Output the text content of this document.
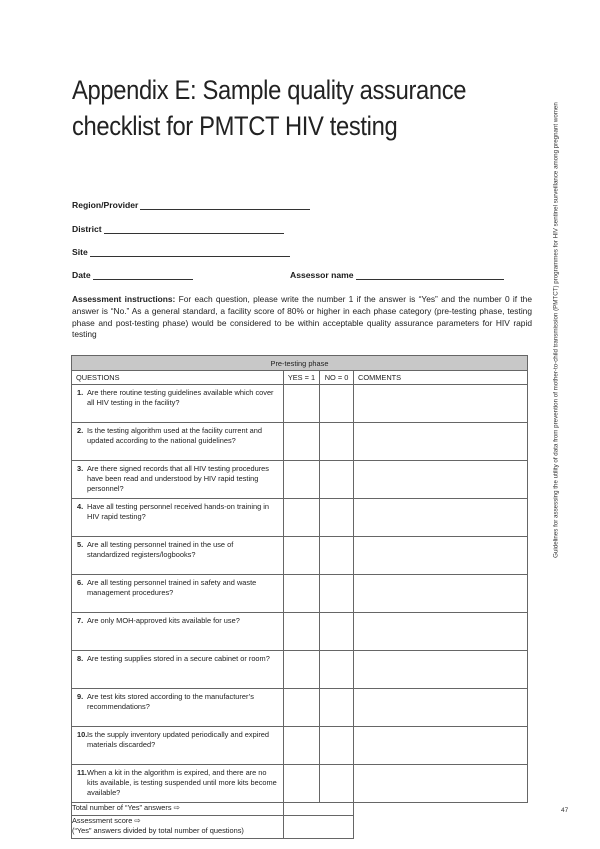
Appendix E: Sample quality assurance
checklist for PMTCT HIV testing	Guidelines for assessing the utility of data from prevention of mother-to-child transmission (PMTCT) programmes for HIV sentinel surveillance among pregnant women
Region/Provider
District
Site
Date	Assessor name
Assessment instructions: For each question, please write the number 1 if the answer is “Yes” and the number 0 if the answer is “No.” As a general standard, a facility score of 80% or higher in each phase category (pre-testing phase, testing phase and post-testing phase) would be considered to be within acceptable quality assurance parameters for HIV rapid testing
Pre-testing phase			
QUESTIONS	YES = 1	NO = 0	COMMENTS
1. Are there routine testing guidelines available which cover all HIV testing in the facility?			
2. Is the testing algorithm used at the facility current and updated according to the national guidelines?			
3. Are there signed records that all HIV testing procedures have been read and understood by HIV rapid testing personnel?			
4. Have all testing personnel received hands-on training in HIV rapid testing?			
5. Are all testing personnel trained in the use of standardized registers/logbooks?			
6. Are all testing personnel trained in safety and waste management procedures?			
7. Are only MOH-approved kits available for use?			
8. Are testing supplies stored in a secure cabinet or room?			
9. Are test kits stored according to the manufacturer’s recommendations?			
10.Is the supply inventory updated periodically and expired materials discarded?			
11.When a kit in the algorithm is expired, and there are no kits available, is testing suspended until more kits become available?			
Total number of “Yes” answers ⇨			
Assessment score ⇨
(“Yes” answers divided by total number of questions)			
47
